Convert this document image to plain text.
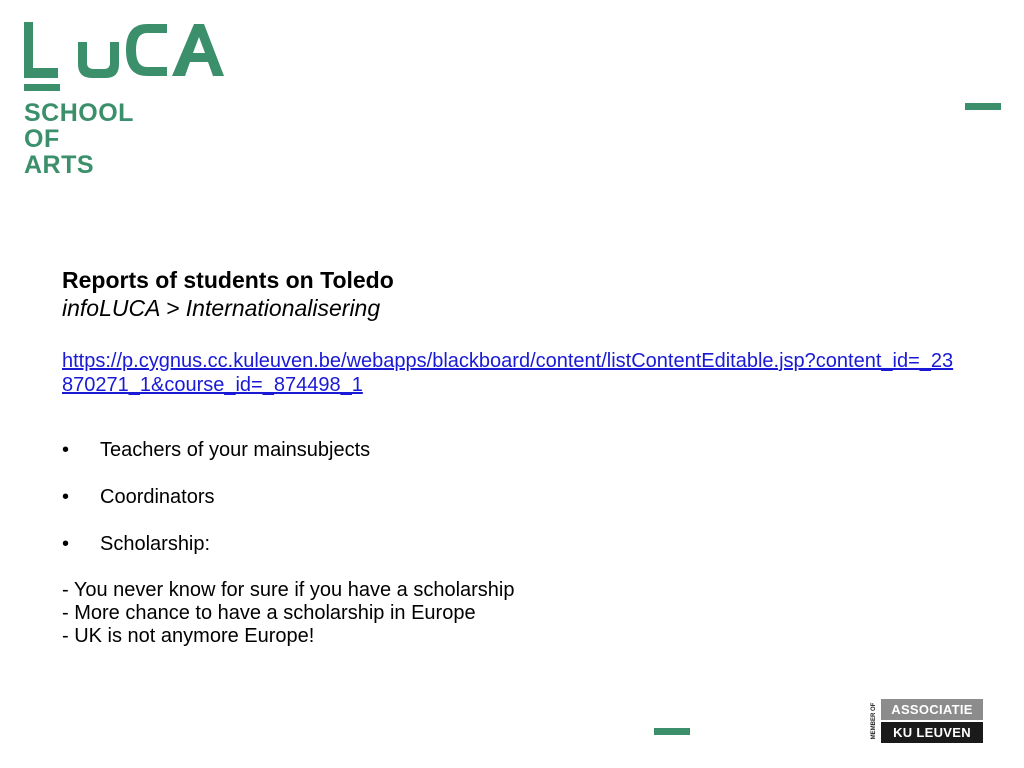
SCHOOL
OF
ARTS

Reports of students on Toledo

infoLUCA > Internationalisering

https://p.cygnus.cc.kuleuven.be/webapps/blackboard/content/listContentEditable.jsp?content_id=_23870271_1&course_id=_874498_1
• Teachers of your mainsubjects
• Coordinators
• Scholarship:
- You never know for sure if you have a scholarship
- More chance to have a scholarship in Europe
- UK is not anymore Europe!
MEMBER OF	ASSOCIATIE
KU LEUVEN
